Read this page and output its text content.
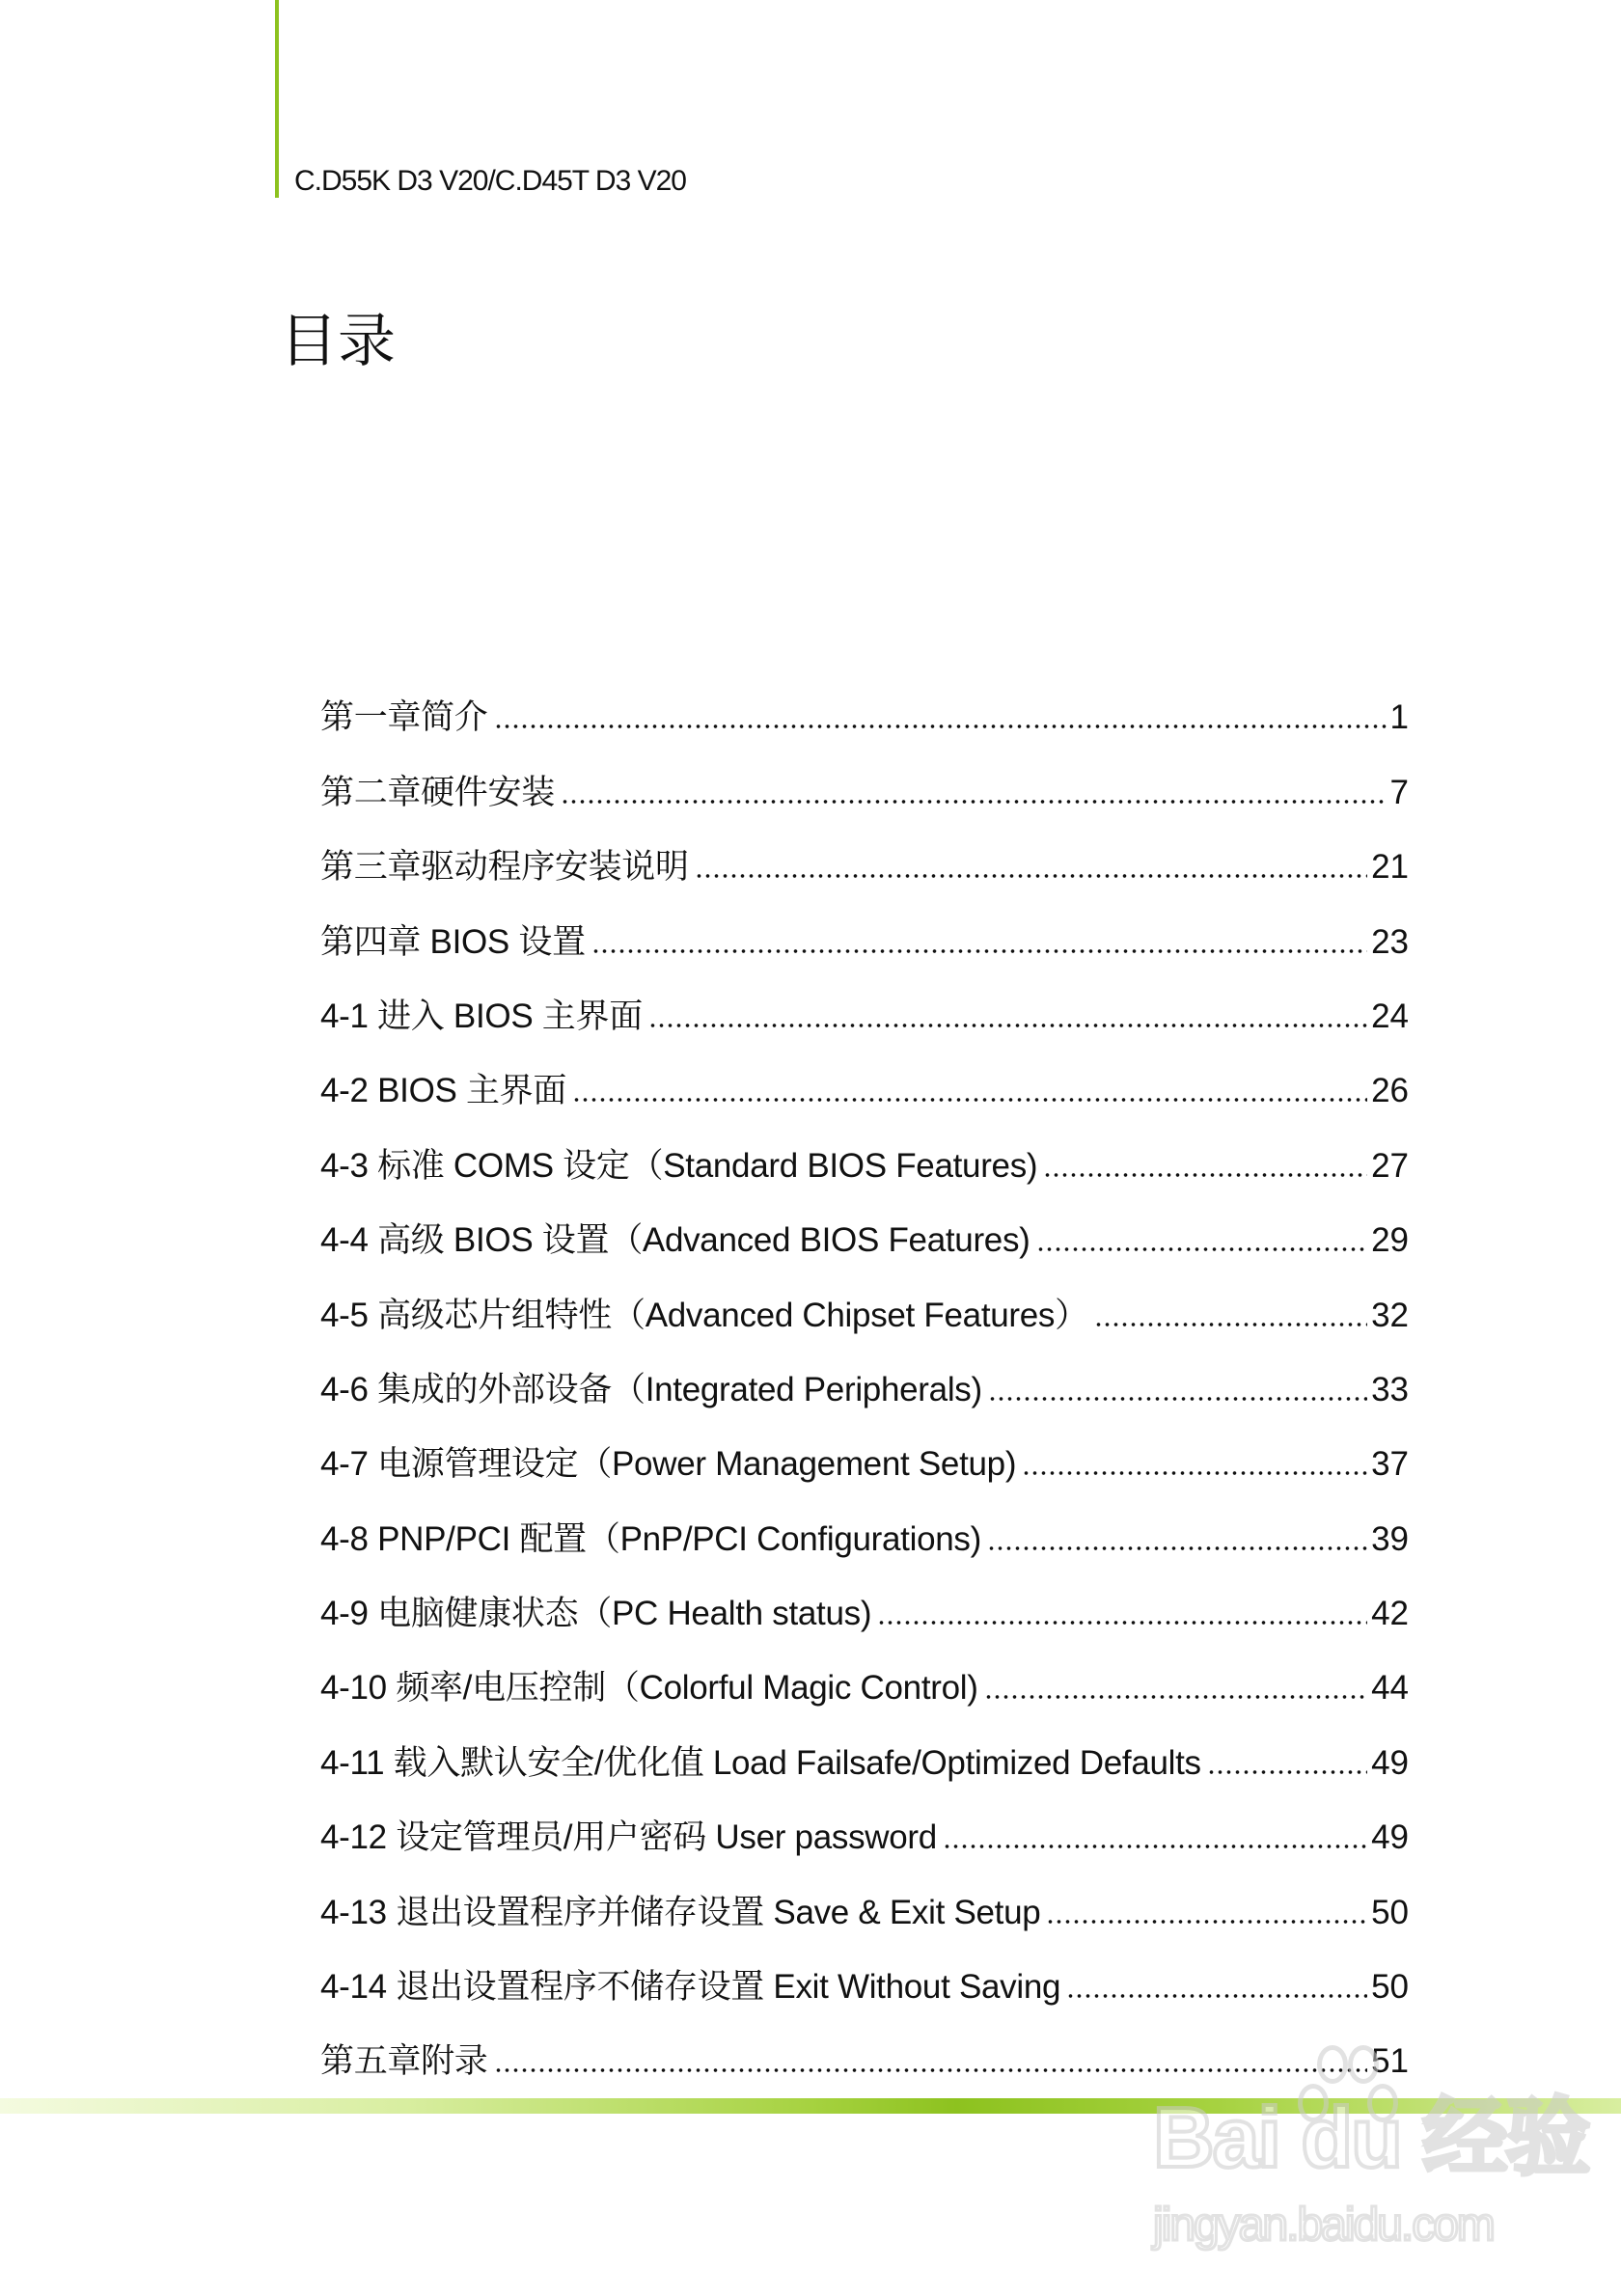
C.D55K D3 V20/C.D45T D3 V20
目录
第一章简介	1
第二章硬件安装	7
第三章驱动程序安装说明	21
第四章 BIOS 设置	23
4-1 进入 BIOS 主界面	24
4-2 BIOS 主界面	26
4-3 标准 COMS 设定（Standard BIOS Features)	27
4-4 高级 BIOS 设置（Advanced BIOS Features)	29
4-5 高级芯片组特性（Advanced Chipset Features）	32
4-6 集成的外部设备（Integrated Peripherals)	33
4-7 电源管理设定（Power Management Setup)	37
4-8 PNP/PCI 配置（PnP/PCI Configurations)	39
4-9 电脑健康状态（PC Health status)	42
4-10 频率/电压控制（Colorful Magic Control)	44
4-11 载入默认安全/优化值 Load Failsafe/Optimized Defaults	49
4-12 设定管理员/用户密码 User password	49
4-13 退出设置程序并储存设置 Save & Exit Setup	50
4-14 退出设置程序不储存设置 Exit Without Saving	50
第五章附录	51
Bai du 经验
jingyan.baidu.com
